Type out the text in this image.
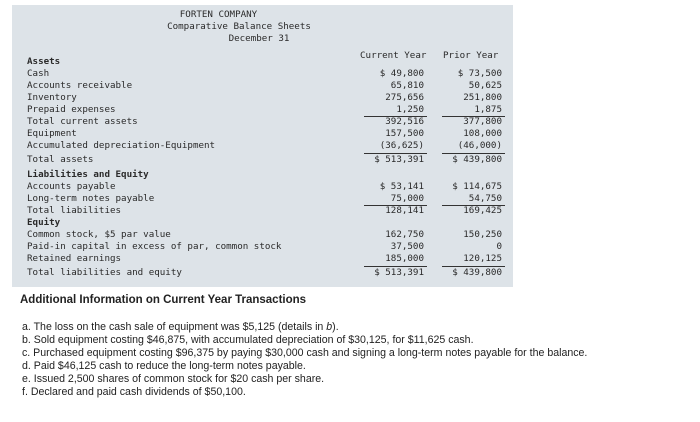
FORTEN COMPANY
Comparative Balance Sheets
December 31
Current Year Prior Year
Assets
Cash	$ 49,800	$ 73,500
Accounts receivable	65,810	50,625
Inventory	275,656	251,800
Prepaid expenses	1,250	1,875
Total current assets	392,516	377,800
Equipment	157,500	108,000
Accumulated depreciation-Equipment	(36,625)	(46,000)
Total assets	$ 513,391	$ 439,800
Liabilities and Equity
Accounts payable	$ 53,141	$ 114,675
Long-term notes payable	75,000	54,750
Total liabilities	128,141	169,425
Equity
Common stock, $5 par value	162,750	150,250
Paid-in capital in excess of par, common stock	37,500	0
Retained earnings	185,000	120,125
Total liabilities and equity	$ 513,391	$ 439,800
Additional Information on Current Year Transactions
a. The loss on the cash sale of equipment was $5,125 (details in b).
b. Sold equipment costing $46,875, with accumulated depreciation of $30,125, for $11,625 cash.
c. Purchased equipment costing $96,375 by paying $30,000 cash and signing a long-term notes payable for the balance.
d. Paid $46,125 cash to reduce the long-term notes payable.
e. Issued 2,500 shares of common stock for $20 cash per share.
f. Declared and paid cash dividends of $50,100.
